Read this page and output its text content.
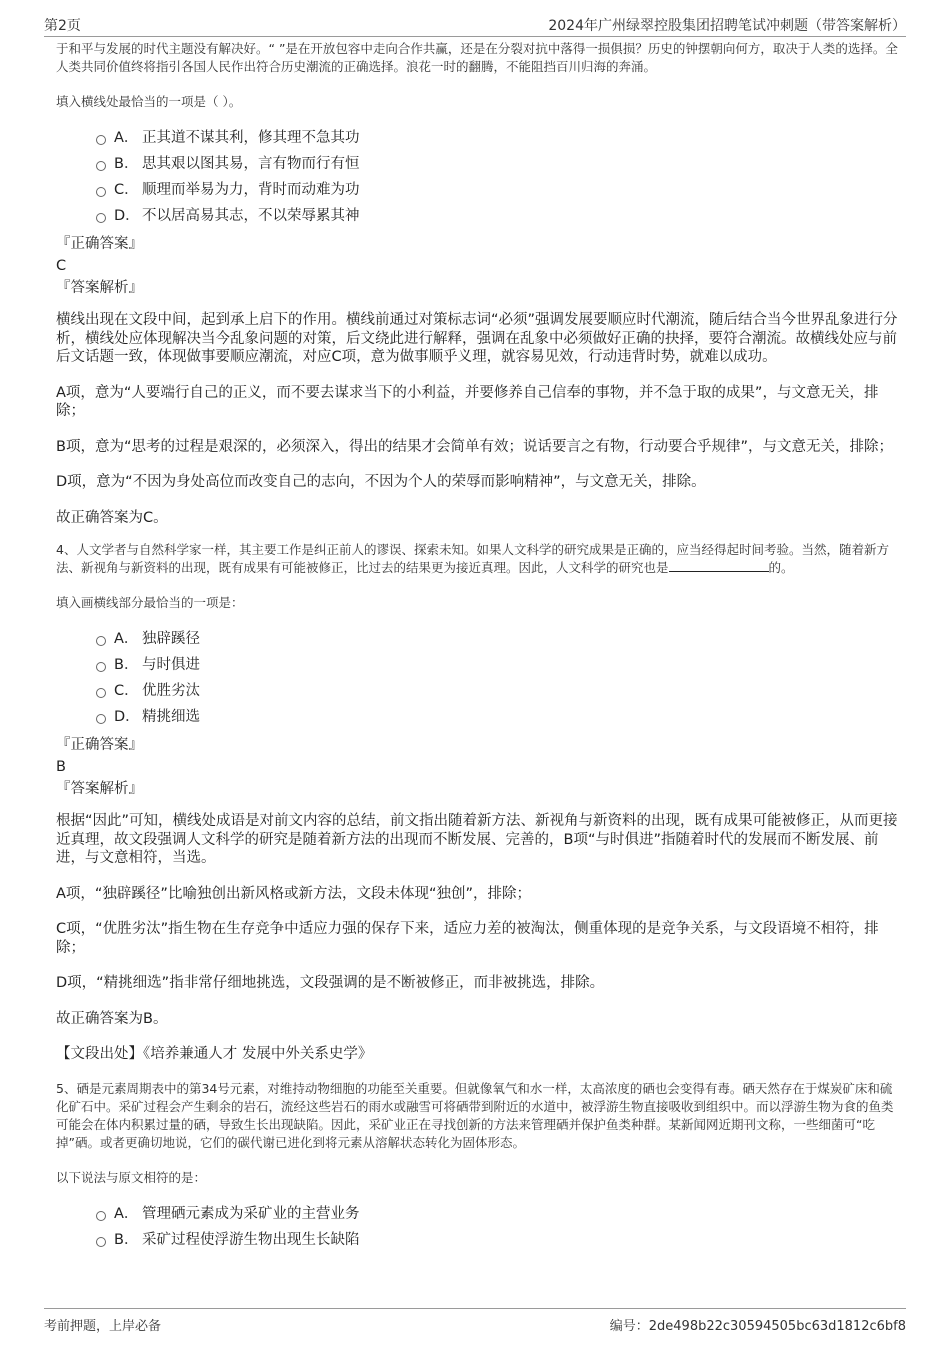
第2页	2024年广州绿翠控股集团招聘笔试冲刺题（带答案解析）

于和平与发展的时代主题没有解决好。“ ”是在开放包容中走向合作共赢，还是在分裂对抗中落得一损俱损？历史的钟摆朝向何方，取决于人类的选择。全人类共同价值终将指引各国人民作出符合历史潮流的正确选择。浪花一时的翻腾，不能阻挡百川归海的奔涌。

填入横线处最恰当的一项是（ ）。

A． 正其道不谋其利，修其理不急其功
B． 思其艰以图其易，言有物而行有恒
C． 顺理而举易为力，背时而动难为功
D． 不以居高易其志，不以荣辱累其神

『正确答案』

C

『答案解析』

横线出现在文段中间，起到承上启下的作用。横线前通过对策标志词“必须”强调发展要顺应时代潮流，随后结合当今世界乱象进行分析，横线处应体现解决当今乱象问题的对策，后文绕此进行解释，强调在乱象中必须做好正确的抉择，要符合潮流。故横线处应与前后文话题一致，体现做事要顺应潮流，对应C项，意为做事顺乎义理，就容易见效，行动违背时势，就难以成功。

A项，意为“人要端行自己的正义，而不要去谋求当下的小利益，并要修养自己信奉的事物，并不急于取的成果”，与文意无关，排除；

B项，意为“思考的过程是艰深的，必须深入，得出的结果才会简单有效；说话要言之有物，行动要合乎规律”，与文意无关，排除；

D项，意为“不因为身处高位而改变自己的志向，不因为个人的荣辱而影响精神”，与文意无关，排除。

故正确答案为C。

4、人文学者与自然科学家一样，其主要工作是纠正前人的谬误、探索未知。如果人文科学的研究成果是正确的，应当经得起时间考验。当然，随着新方法、新视角与新资料的出现，既有成果有可能被修正，比过去的结果更为接近真理。因此，人文科学的研究也是	的。

填入画横线部分最恰当的一项是：

A． 独辟蹊径
B． 与时俱进
C． 优胜劣汰
D． 精挑细选

『正确答案』

B

『答案解析』

根据“因此”可知，横线处成语是对前文内容的总结，前文指出随着新方法、新视角与新资料的出现，既有成果可能被修正，从而更接近真理，故文段强调人文科学的研究是随着新方法的出现而不断发展、完善的，B项“与时俱进”指随着时代的发展而不断发展、前进，与文意相符，当选。

A项，“独辟蹊径”比喻独创出新风格或新方法，文段未体现“独创”，排除；

C项，“优胜劣汰”指生物在生存竞争中适应力强的保存下来，适应力差的被淘汰，侧重体现的是竞争关系，与文段语境不相符，排除；

D项，“精挑细选”指非常仔细地挑选，文段强调的是不断被修正，而非被挑选，排除。

故正确答案为B。

【文段出处】《培养兼通人才 发展中外关系史学》

5、硒是元素周期表中的第34号元素，对维持动物细胞的功能至关重要。但就像氧气和水一样，太高浓度的硒也会变得有毒。硒天然存在于煤炭矿床和硫化矿石中。采矿过程会产生剩余的岩石，流经这些岩石的雨水或融雪可将硒带到附近的水道中，被浮游生物直接吸收到组织中。而以浮游生物为食的鱼类可能会在体内积累过量的硒，导致生长出现缺陷。因此，采矿业正在寻找创新的方法来管理硒并保护鱼类种群。某新闻网近期刊文称，一些细菌可“吃掉”硒。或者更确切地说，它们的碳代谢已进化到将元素从溶解状态转化为固体形态。

以下说法与原文相符的是：

A． 管理硒元素成为采矿业的主营业务
B． 采矿过程使浮游生物出现生长缺陷
考前押题，上岸必备	编号：2de498b22c30594505bc63d1812c6bf8
